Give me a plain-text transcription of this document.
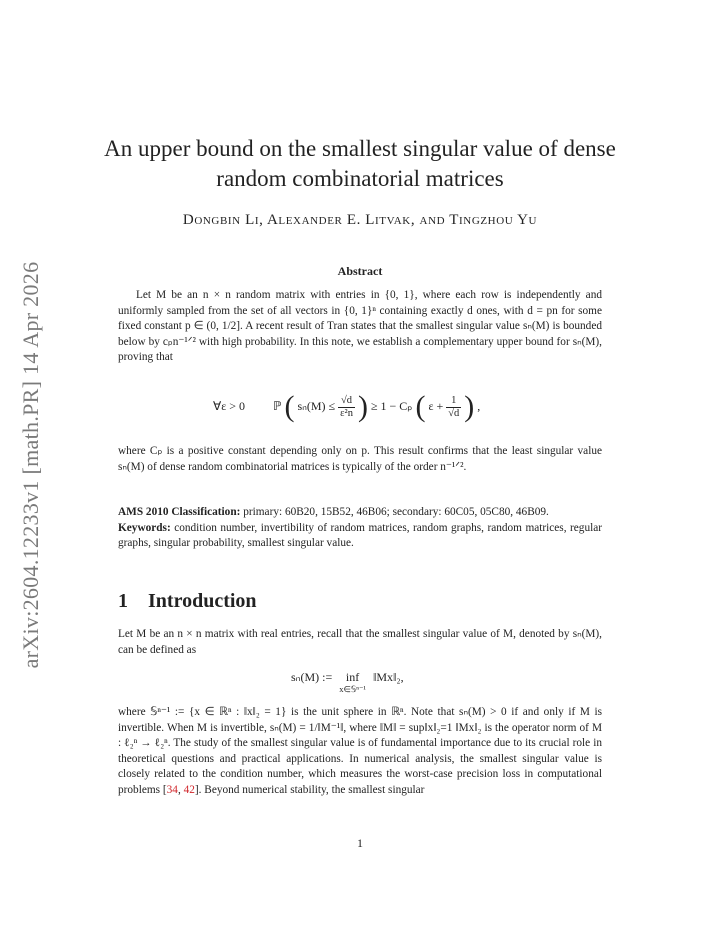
arXiv:2604.12233v1 [math.PR] 14 Apr 2026
An upper bound on the smallest singular value of dense
random combinatorial matrices
Dongbin Li, Alexander E. Litvak, and Tingzhou Yu
Abstract

Let M be an n × n random matrix with entries in {0, 1}, where each row is independently and uniformly sampled from the set of all vectors in {0, 1}ⁿ containing exactly d ones, with d = pn for some fixed constant p ∈ (0, 1/2]. A recent result of Tran states that the smallest singular value sₙ(M) is bounded below by cₚn⁻¹ᐟ² with high probability. In this note, we establish a complementary upper bound for sₙ(M), proving that

∀ε > 0 ℙ ( $s_n(M) \le \frac{√d}{\text{ε²n}}$ ) ≥ 1 − Cₚ ( $\varepsilon + \frac{1}{√d}$ ) ,

where Cₚ is a positive constant depending only on p. This result confirms that the least singular value sₙ(M) of dense random combinatorial matrices is typically of the order n⁻¹ᐟ².

AMS 2010 Classification: primary: 60B20, 15B52, 46B06; secondary: 60C05, 05C80, 46B09.

Keywords: condition number, invertibility of random matrices, random graphs, random matrices, regular graphs, singular probability, smallest singular value.

1 Introduction

Let M be an n × n matrix with real entries, recall that the smallest singular value of M, denoted by sₙ(M), can be defined as

sₙ(M) :=	inf
x∈𝕊ⁿ⁻¹
‖Mx‖₂,

where 𝕊ⁿ⁻¹ := {x ∈ ℝⁿ : ‖x‖₂ = 1} is the unit sphere in ℝⁿ. Note that sₙ(M) > 0 if and only if M is invertible. When M is invertible, sₙ(M) = 1/‖M⁻¹‖, where ‖M‖ = sup‖x‖₂=1 ‖Mx‖₂ is the operator norm of M : ℓ₂ⁿ → ℓ₂ⁿ. The study of the smallest singular value is of fundamental importance due to its crucial role in theoretical questions and practical applications. In numerical analysis, the smallest singular value is closely related to the condition number, which measures the worst-case precision loss in computational problems [34, 42]. Beyond numerical stability, the smallest singular

1
